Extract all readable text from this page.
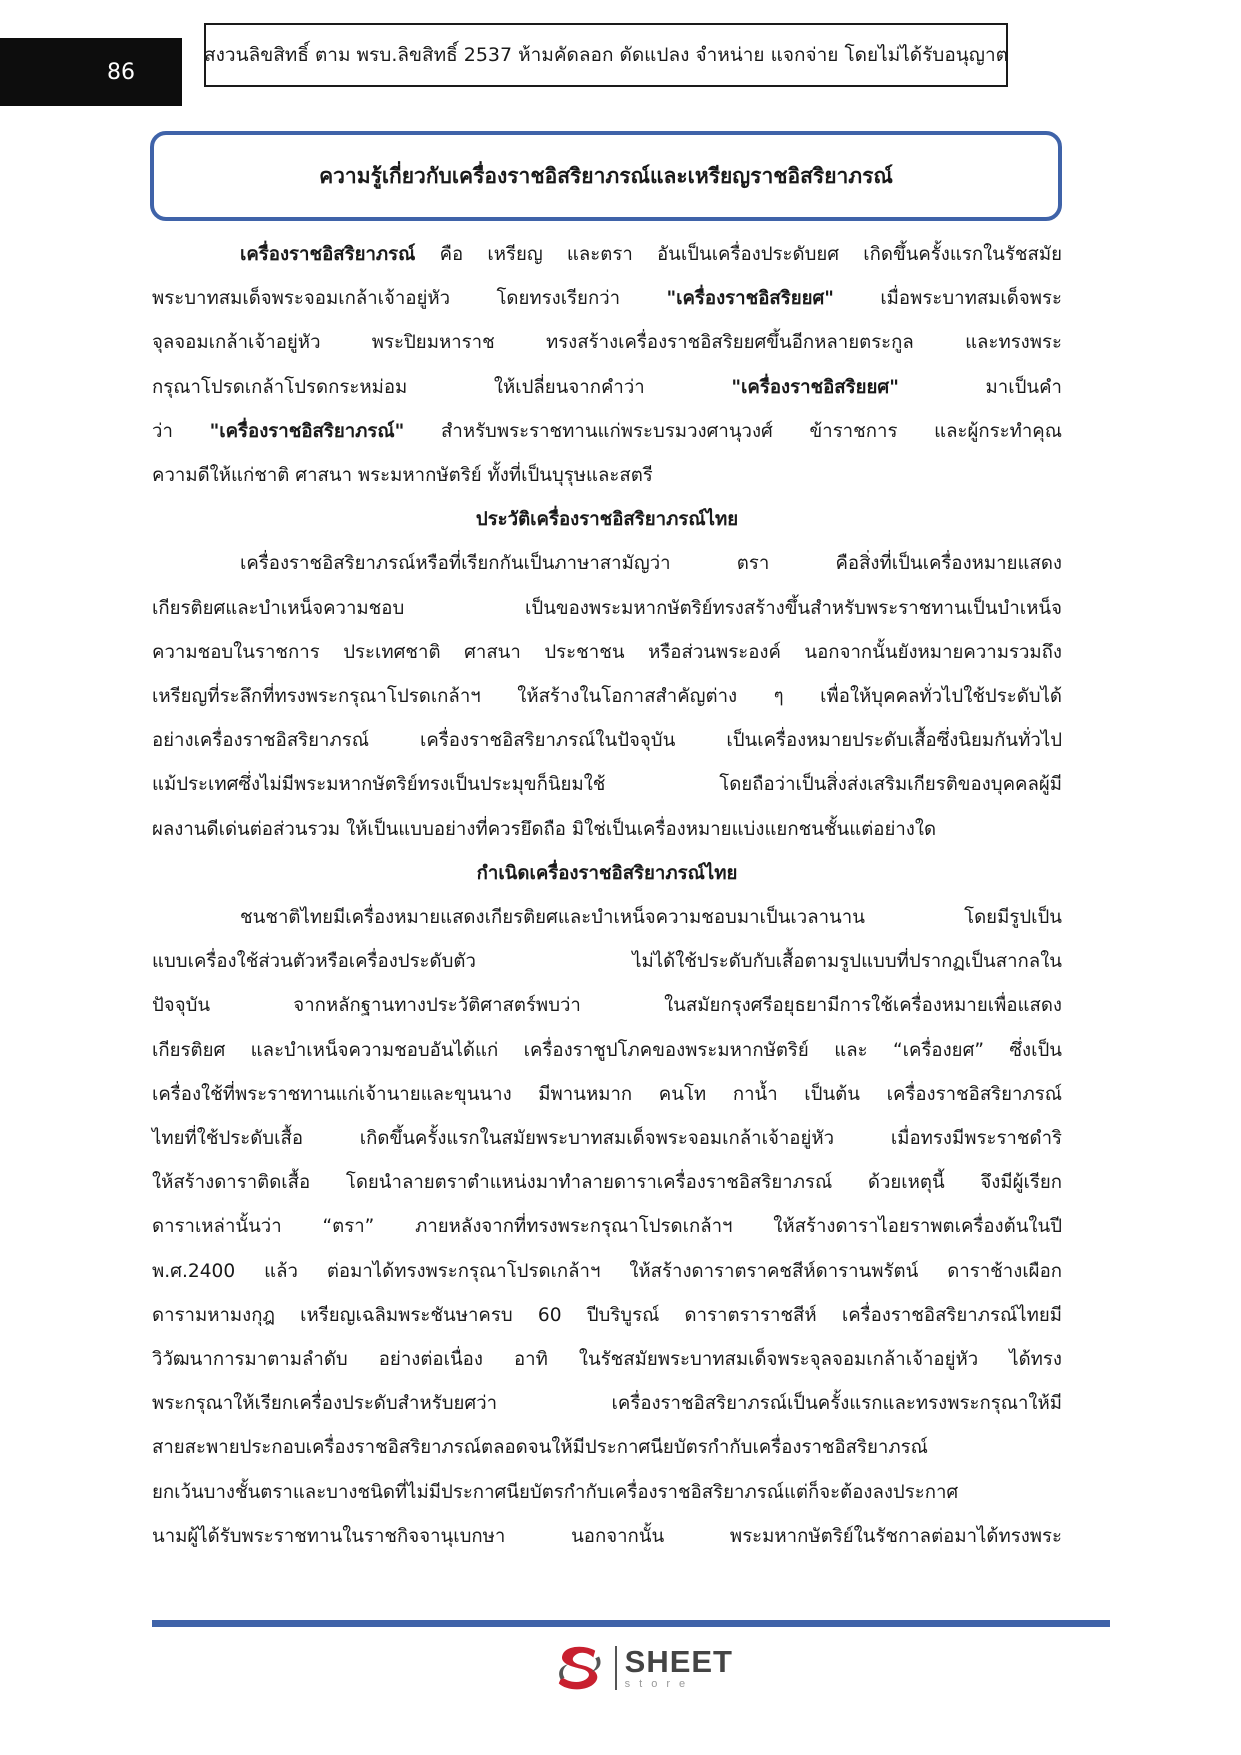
86
สงวนลิขสิทธิ์ ตาม พรบ.ลิขสิทธิ์ 2537 ห้ามคัดลอก ดัดแปลง จำหน่าย แจกจ่าย โดยไม่ได้รับอนุญาต
ความรู้เกี่ยวกับเครื่องราชอิสริยาภรณ์และเหรียญราชอิสริยาภรณ์
เครื่องราชอิสริยาภรณ์ คือ เหรียญ และตรา อันเป็นเครื่องประดับยศ เกิดขึ้นครั้งแรกในรัชสมัย
พระบาทสมเด็จพระจอมเกล้าเจ้าอยู่หัว โดยทรงเรียกว่า "เครื่องราชอิสริยยศ" เมื่อพระบาทสมเด็จพระ
จุลจอมเกล้าเจ้าอยู่หัว พระปิยมหาราช ทรงสร้างเครื่องราชอิสริยยศขึ้นอีกหลายตระกูล และทรงพระ
กรุณาโปรดเกล้าโปรดกระหม่อม ให้เปลี่ยนจากคำว่า "เครื่องราชอิสริยยศ" มาเป็นคำ
ว่า "เครื่องราชอิสริยาภรณ์" สำหรับพระราชทานแก่พระบรมวงศานุวงศ์ ข้าราชการ และผู้กระทำคุณ
ความดีให้แก่ชาติ ศาสนา พระมหากษัตริย์ ทั้งที่เป็นบุรุษและสตรี
ประวัติเครื่องราชอิสริยาภรณ์ไทย
เครื่องราชอิสริยาภรณ์หรือที่เรียกกันเป็นภาษาสามัญว่า ตรา คือสิ่งที่เป็นเครื่องหมายแสดง
เกียรติยศและบำเหน็จความชอบ เป็นของพระมหากษัตริย์ทรงสร้างขึ้นสำหรับพระราชทานเป็นบำเหน็จ
ความชอบในราชการ ประเทศชาติ ศาสนา ประชาชน หรือส่วนพระองค์ นอกจากนั้นยังหมายความรวมถึง
เหรียญที่ระลึกที่ทรงพระกรุณาโปรดเกล้าฯ ให้สร้างในโอกาสสำคัญต่าง ๆ เพื่อให้บุคคลทั่วไปใช้ประดับได้
อย่างเครื่องราชอิสริยาภรณ์ เครื่องราชอิสริยาภรณ์ในปัจจุบัน เป็นเครื่องหมายประดับเสื้อซึ่งนิยมกันทั่วไป
แม้ประเทศซึ่งไม่มีพระมหากษัตริย์ทรงเป็นประมุขก็นิยมใช้ โดยถือว่าเป็นสิ่งส่งเสริมเกียรติของบุคคลผู้มี
ผลงานดีเด่นต่อส่วนรวม ให้เป็นแบบอย่างที่ควรยึดถือ มิใช่เป็นเครื่องหมายแบ่งแยกชนชั้นแต่อย่างใด
กำเนิดเครื่องราชอิสริยาภรณ์ไทย
ชนชาติไทยมีเครื่องหมายแสดงเกียรติยศและบำเหน็จความชอบมาเป็นเวลานาน โดยมีรูปเป็น
แบบเครื่องใช้ส่วนตัวหรือเครื่องประดับตัว ไม่ได้ใช้ประดับกับเสื้อตามรูปแบบที่ปรากฏเป็นสากลใน
ปัจจุบัน จากหลักฐานทางประวัติศาสตร์พบว่า ในสมัยกรุงศรีอยุธยามีการใช้เครื่องหมายเพื่อแสดง
เกียรติยศ และบำเหน็จความชอบอันได้แก่ เครื่องราชูปโภคของพระมหากษัตริย์ และ “เครื่องยศ” ซึ่งเป็น
เครื่องใช้ที่พระราชทานแก่เจ้านายและขุนนาง มีพานหมาก คนโท กาน้ำ เป็นต้น เครื่องราชอิสริยาภรณ์
ไทยที่ใช้ประดับเสื้อ เกิดขึ้นครั้งแรกในสมัยพระบาทสมเด็จพระจอมเกล้าเจ้าอยู่หัว เมื่อทรงมีพระราชดำริ
ให้สร้างดาราติดเสื้อ โดยนำลายตราตำแหน่งมาทำลายดาราเครื่องราชอิสริยาภรณ์ ด้วยเหตุนี้ จึงมีผู้เรียก
ดาราเหล่านั้นว่า “ตรา” ภายหลังจากที่ทรงพระกรุณาโปรดเกล้าฯ ให้สร้างดาราไอยราพตเครื่องต้นในปี
พ.ศ.2400 แล้ว ต่อมาได้ทรงพระกรุณาโปรดเกล้าฯ ให้สร้างดาราตราคชสีห์ดารานพรัตน์ ดาราช้างเผือก
ดารามหามงกุฎ เหรียญเฉลิมพระชันษาครบ 60 ปีบริบูรณ์ ดาราตราราชสีห์ เครื่องราชอิสริยาภรณ์ไทยมี
วิวัฒนาการมาตามลำดับ อย่างต่อเนื่อง อาทิ ในรัชสมัยพระบาทสมเด็จพระจุลจอมเกล้าเจ้าอยู่หัว ได้ทรง
พระกรุณาให้เรียกเครื่องประดับสำหรับยศว่า เครื่องราชอิสริยาภรณ์เป็นครั้งแรกและทรงพระกรุณาให้มี
สายสะพายประกอบเครื่องราชอิสริยาภรณ์ตลอดจนให้มีประกาศนียบัตรกำกับเครื่องราชอิสริยาภรณ์
ยกเว้นบางชั้นตราและบางชนิดที่ไม่มีประกาศนียบัตรกำกับเครื่องราชอิสริยาภรณ์แต่ก็จะต้องลงประกาศ
นามผู้ได้รับพระราชทานในราชกิจจานุเบกษา นอกจากนั้น พระมหากษัตริย์ในรัชกาลต่อมาได้ทรงพระ
SHEET
store
